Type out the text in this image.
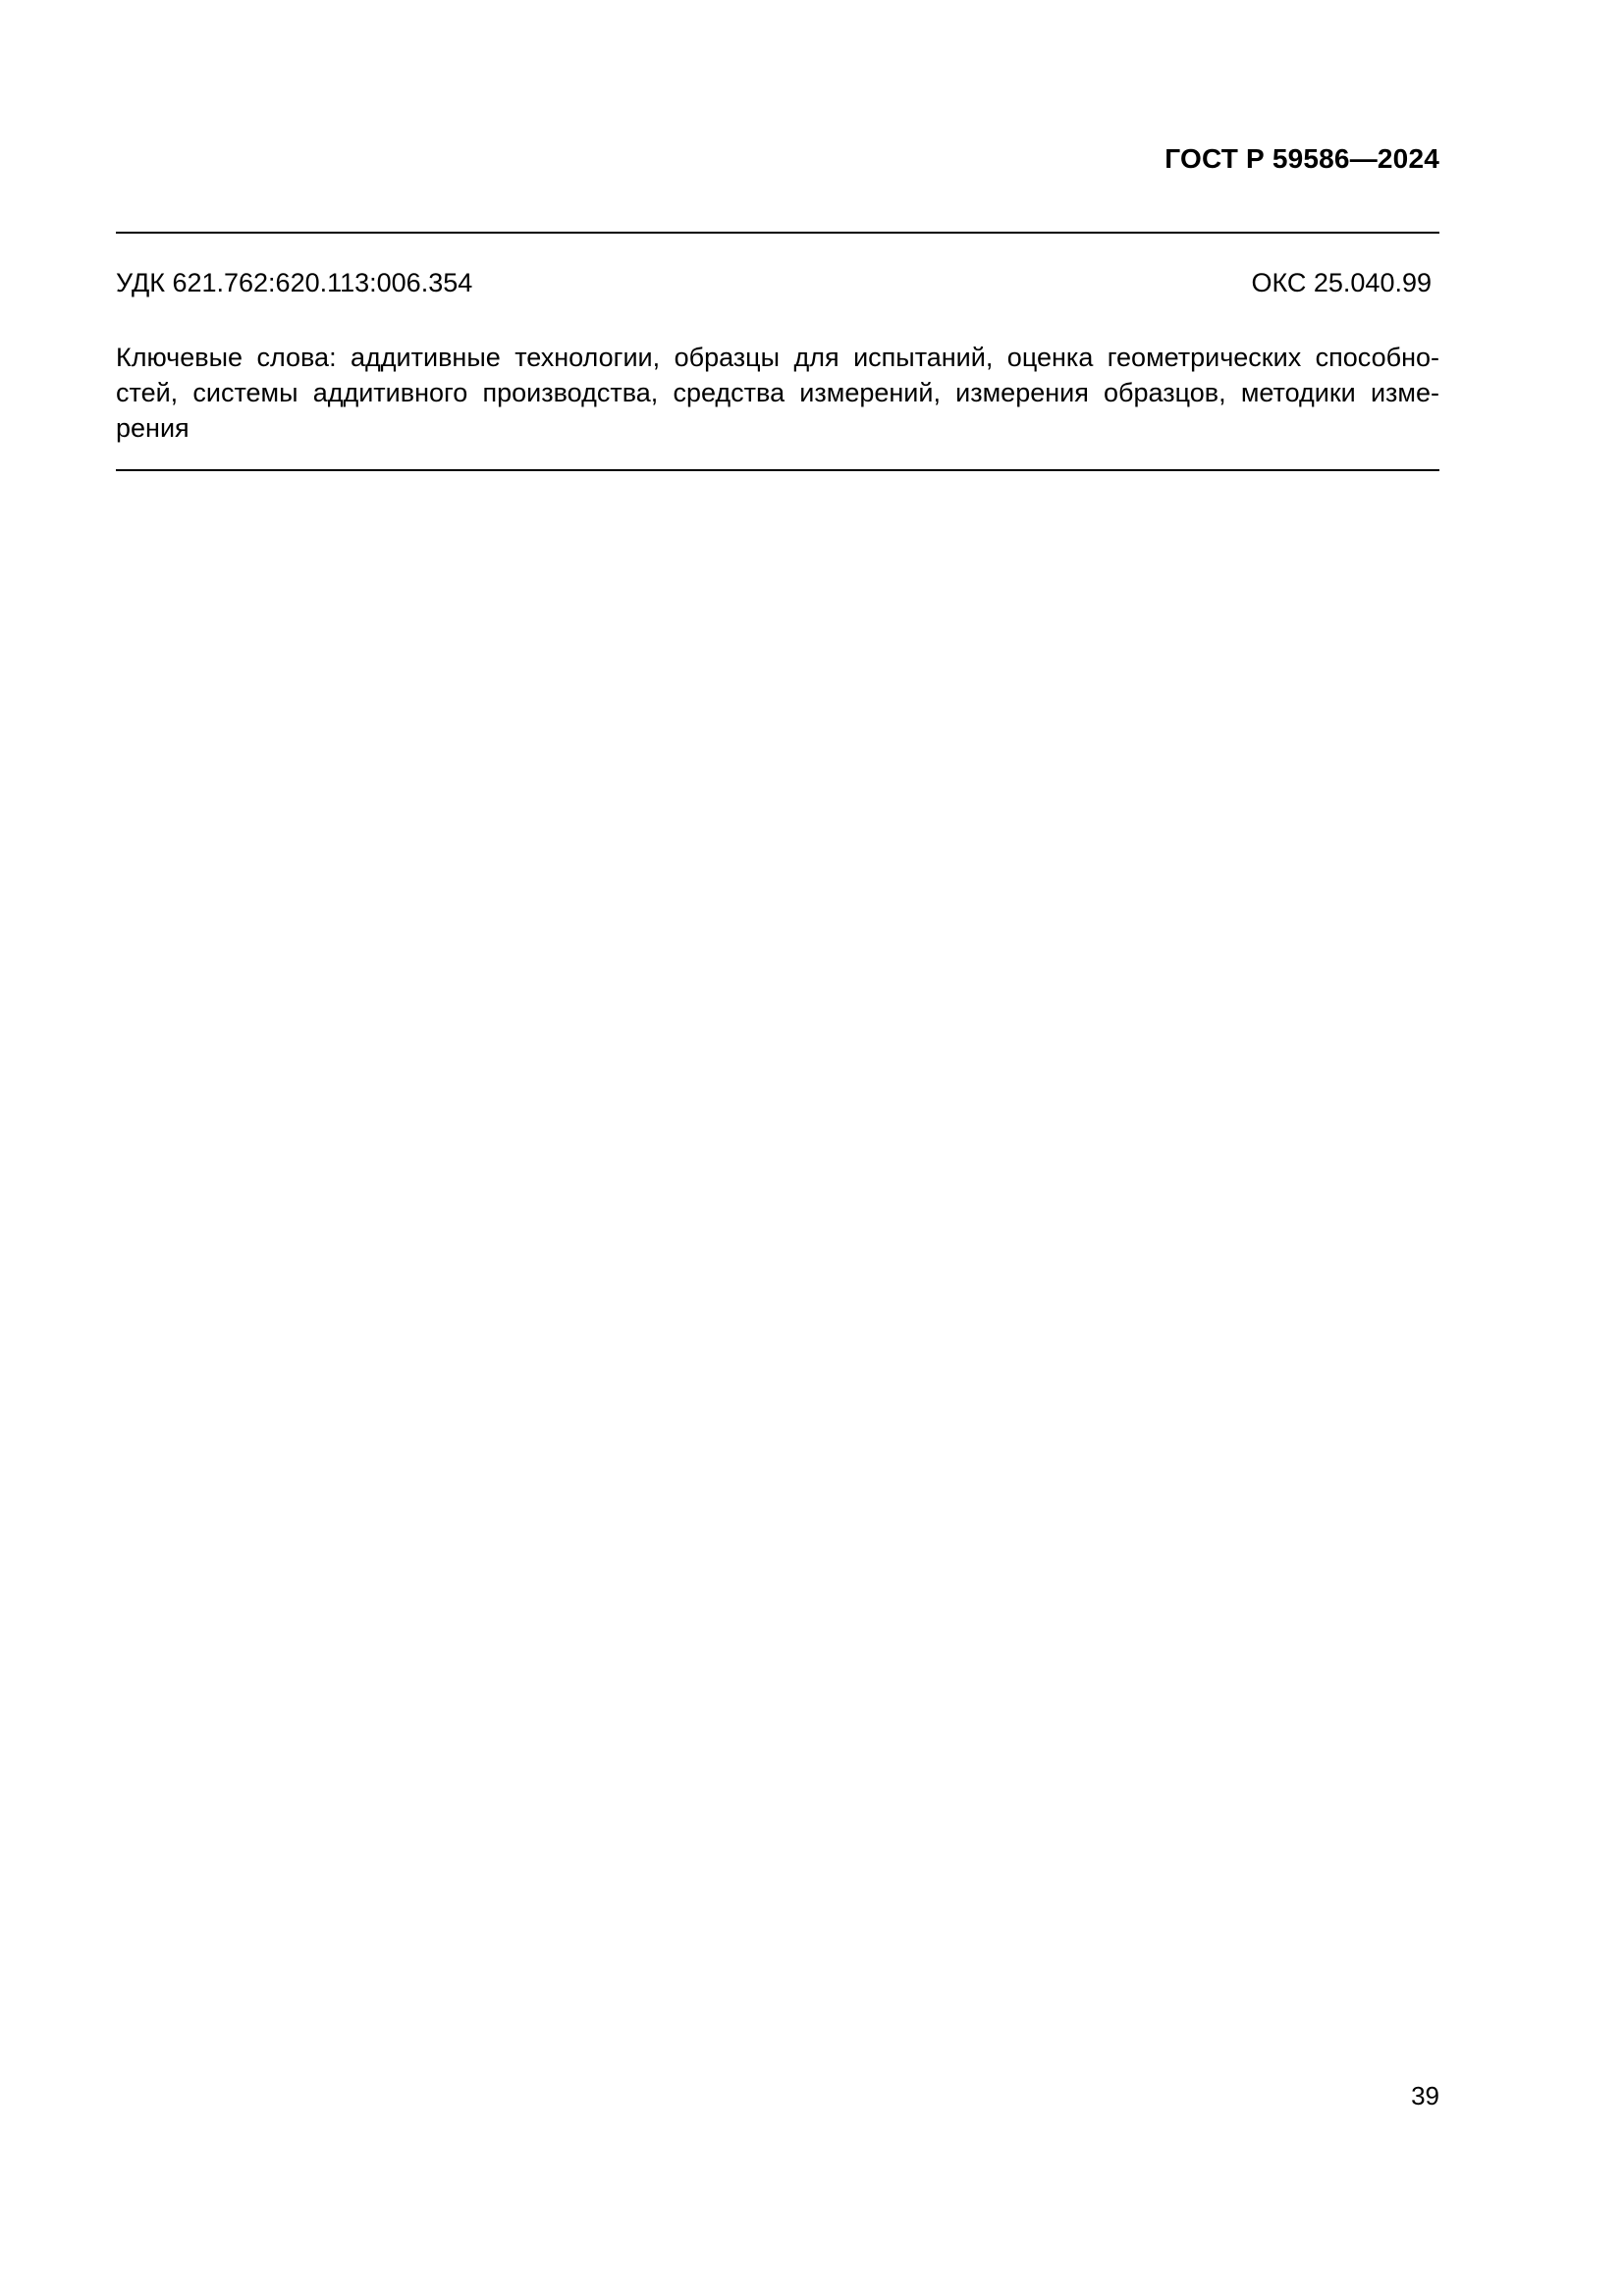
ГОСТ Р 59586—2024
УДК 621.762:620.113:006.354	ОКС 25.040.99

Ключевые слова: аддитивные технологии, образцы для испытаний, оценка геометрических способно-стей, системы аддитивного производства, средства измерений, измерения образцов, методики изме-рения

39
